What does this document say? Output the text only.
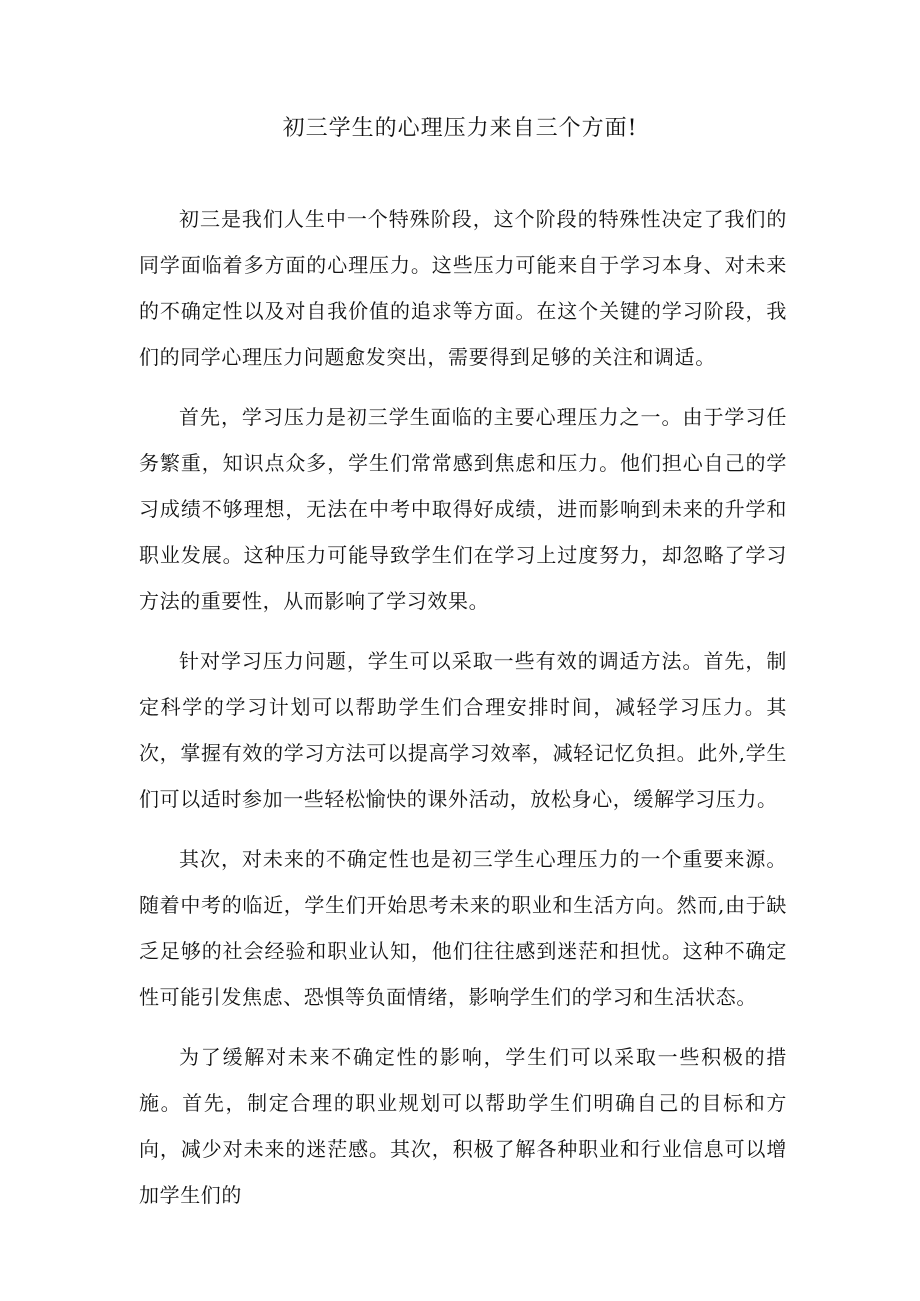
初三学生的心理压力来自三个方面!

初三是我们人生中一个特殊阶段，这个阶段的特殊性决定了我们的同学面临着多方面的心理压力。这些压力可能来自于学习本身、对未来的不确定性以及对自我价值的追求等方面。在这个关键的学习阶段，我们的同学心理压力问题愈发突出，需要得到足够的关注和调适。

首先，学习压力是初三学生面临的主要心理压力之一。由于学习任务繁重，知识点众多，学生们常常感到焦虑和压力。他们担心自己的学习成绩不够理想，无法在中考中取得好成绩，进而影响到未来的升学和职业发展。这种压力可能导致学生们在学习上过度努力，却忽略了学习方法的重要性，从而影响了学习效果。

针对学习压力问题，学生可以采取一些有效的调适方法。首先，制定科学的学习计划可以帮助学生们合理安排时间，减轻学习压力。其次，掌握有效的学习方法可以提高学习效率，减轻记忆负担。此外,学生们可以适时参加一些轻松愉快的课外活动，放松身心，缓解学习压力。

其次，对未来的不确定性也是初三学生心理压力的一个重要来源。随着中考的临近，学生们开始思考未来的职业和生活方向。然而,由于缺乏足够的社会经验和职业认知，他们往往感到迷茫和担忧。这种不确定性可能引发焦虑、恐惧等负面情绪，影响学生们的学习和生活状态。

为了缓解对未来不确定性的影响，学生们可以采取一些积极的措施。首先，制定合理的职业规划可以帮助学生们明确自己的目标和方向，减少对未来的迷茫感。其次，积极了解各种职业和行业信息可以增加学生们的
